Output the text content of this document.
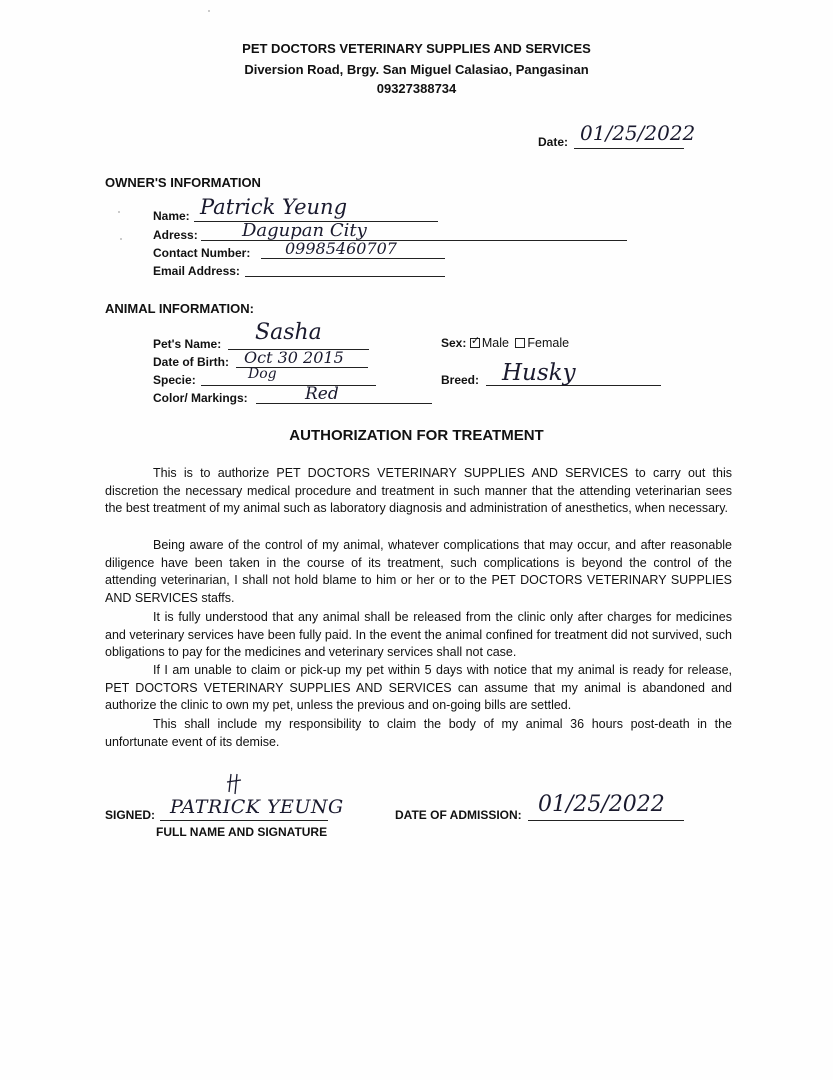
PET DOCTORS VETERINARY SUPPLIES AND SERVICES
Diversion Road, Brgy. San Miguel Calasiao, Pangasinan
09327388734
Date: 01/25/2022
OWNER'S INFORMATION
Name: Patrick Yeung
Adress: Dagupan City
Contact Number: 09985460707
Email Address:
ANIMAL INFORMATION:
Pet's Name: Sasha
Date of Birth: Oct 30 2015
Specie:	Dog
Color/ Markings:	Red
Sex: ✓ Male Female
Breed: Husky
AUTHORIZATION FOR TREATMENT

This is to authorize PET DOCTORS VETERINARY SUPPLIES AND SERVICES to carry out this discretion the necessary medical procedure and treatment in such manner that the attending veterinarian sees the best treatment of my animal such as laboratory diagnosis and administration of anesthetics, when necessary.

Being aware of the control of my animal, whatever complications that may occur, and after reasonable diligence have been taken in the course of its treatment, such complications is beyond the control of the attending veterinarian, I shall not hold blame to him or her or to the PET DOCTORS VETERINARY SUPPLIES AND SERVICES staffs.

It is fully understood that any animal shall be released from the clinic only after charges for medicines and veterinary services have been fully paid. In the event the animal confined for treatment did not survived, such obligations to pay for the medicines and veterinary services shall not case.

If I am unable to claim or pick-up my pet within 5 days with notice that my animal is ready for release, PET DOCTORS VETERINARY SUPPLIES AND SERVICES can assume that my animal is abandoned and authorize the clinic to own my pet, unless the previous and on-going bills are settled.

This shall include my responsibility to claim the body of my animal 36 hours post-death in the unfortunate event of its demise.

SIGNED: PATRICK YEUNG
FULL NAME AND SIGNATURE
DATE OF ADMISSION: 01/25/2022
